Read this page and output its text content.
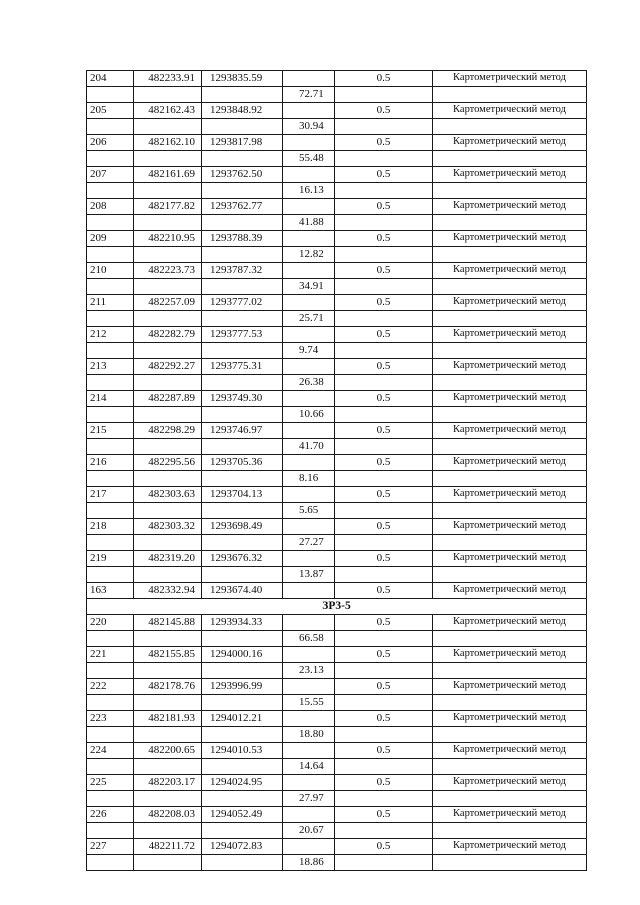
204	482233.91	1293835.59		0.5	Картометрический метод
			72.71		
205	482162.43	1293848.92		0.5	Картометрический метод
			30.94		
206	482162.10	1293817.98		0.5	Картометрический метод
			55.48		
207	482161.69	1293762.50		0.5	Картометрический метод
			16.13		
208	482177.82	1293762.77		0.5	Картометрический метод
			41.88		
209	482210.95	1293788.39		0.5	Картометрический метод
			12.82		
210	482223.73	1293787.32		0.5	Картометрический метод
			34.91		
211	482257.09	1293777.02		0.5	Картометрический метод
			25.71		
212	482282.79	1293777.53		0.5	Картометрический метод
			9.74		
213	482292.27	1293775.31		0.5	Картометрический метод
			26.38		
214	482287.89	1293749.30		0.5	Картометрический метод
			10.66		
215	482298.29	1293746.97		0.5	Картометрический метод
			41.70		
216	482295.56	1293705.36		0.5	Картометрический метод
			8.16		
217	482303.63	1293704.13		0.5	Картометрический метод
			5.65		
218	482303.32	1293698.49		0.5	Картометрический метод
			27.27		
219	482319.20	1293676.32		0.5	Картометрический метод
			13.87		
163	482332.94	1293674.40		0.5	Картометрический метод
ЗР3-5					
220	482145.88	1293934.33		0.5	Картометрический метод
			66.58		
221	482155.85	1294000.16		0.5	Картометрический метод
			23.13		
222	482178.76	1293996.99		0.5	Картометрический метод
			15.55		
223	482181.93	1294012.21		0.5	Картометрический метод
			18.80		
224	482200.65	1294010.53		0.5	Картометрический метод
			14.64		
225	482203.17	1294024.95		0.5	Картометрический метод
			27.97		
226	482208.03	1294052.49		0.5	Картометрический метод
			20.67		
227	482211.72	1294072.83		0.5	Картометрический метод
			18.86		
